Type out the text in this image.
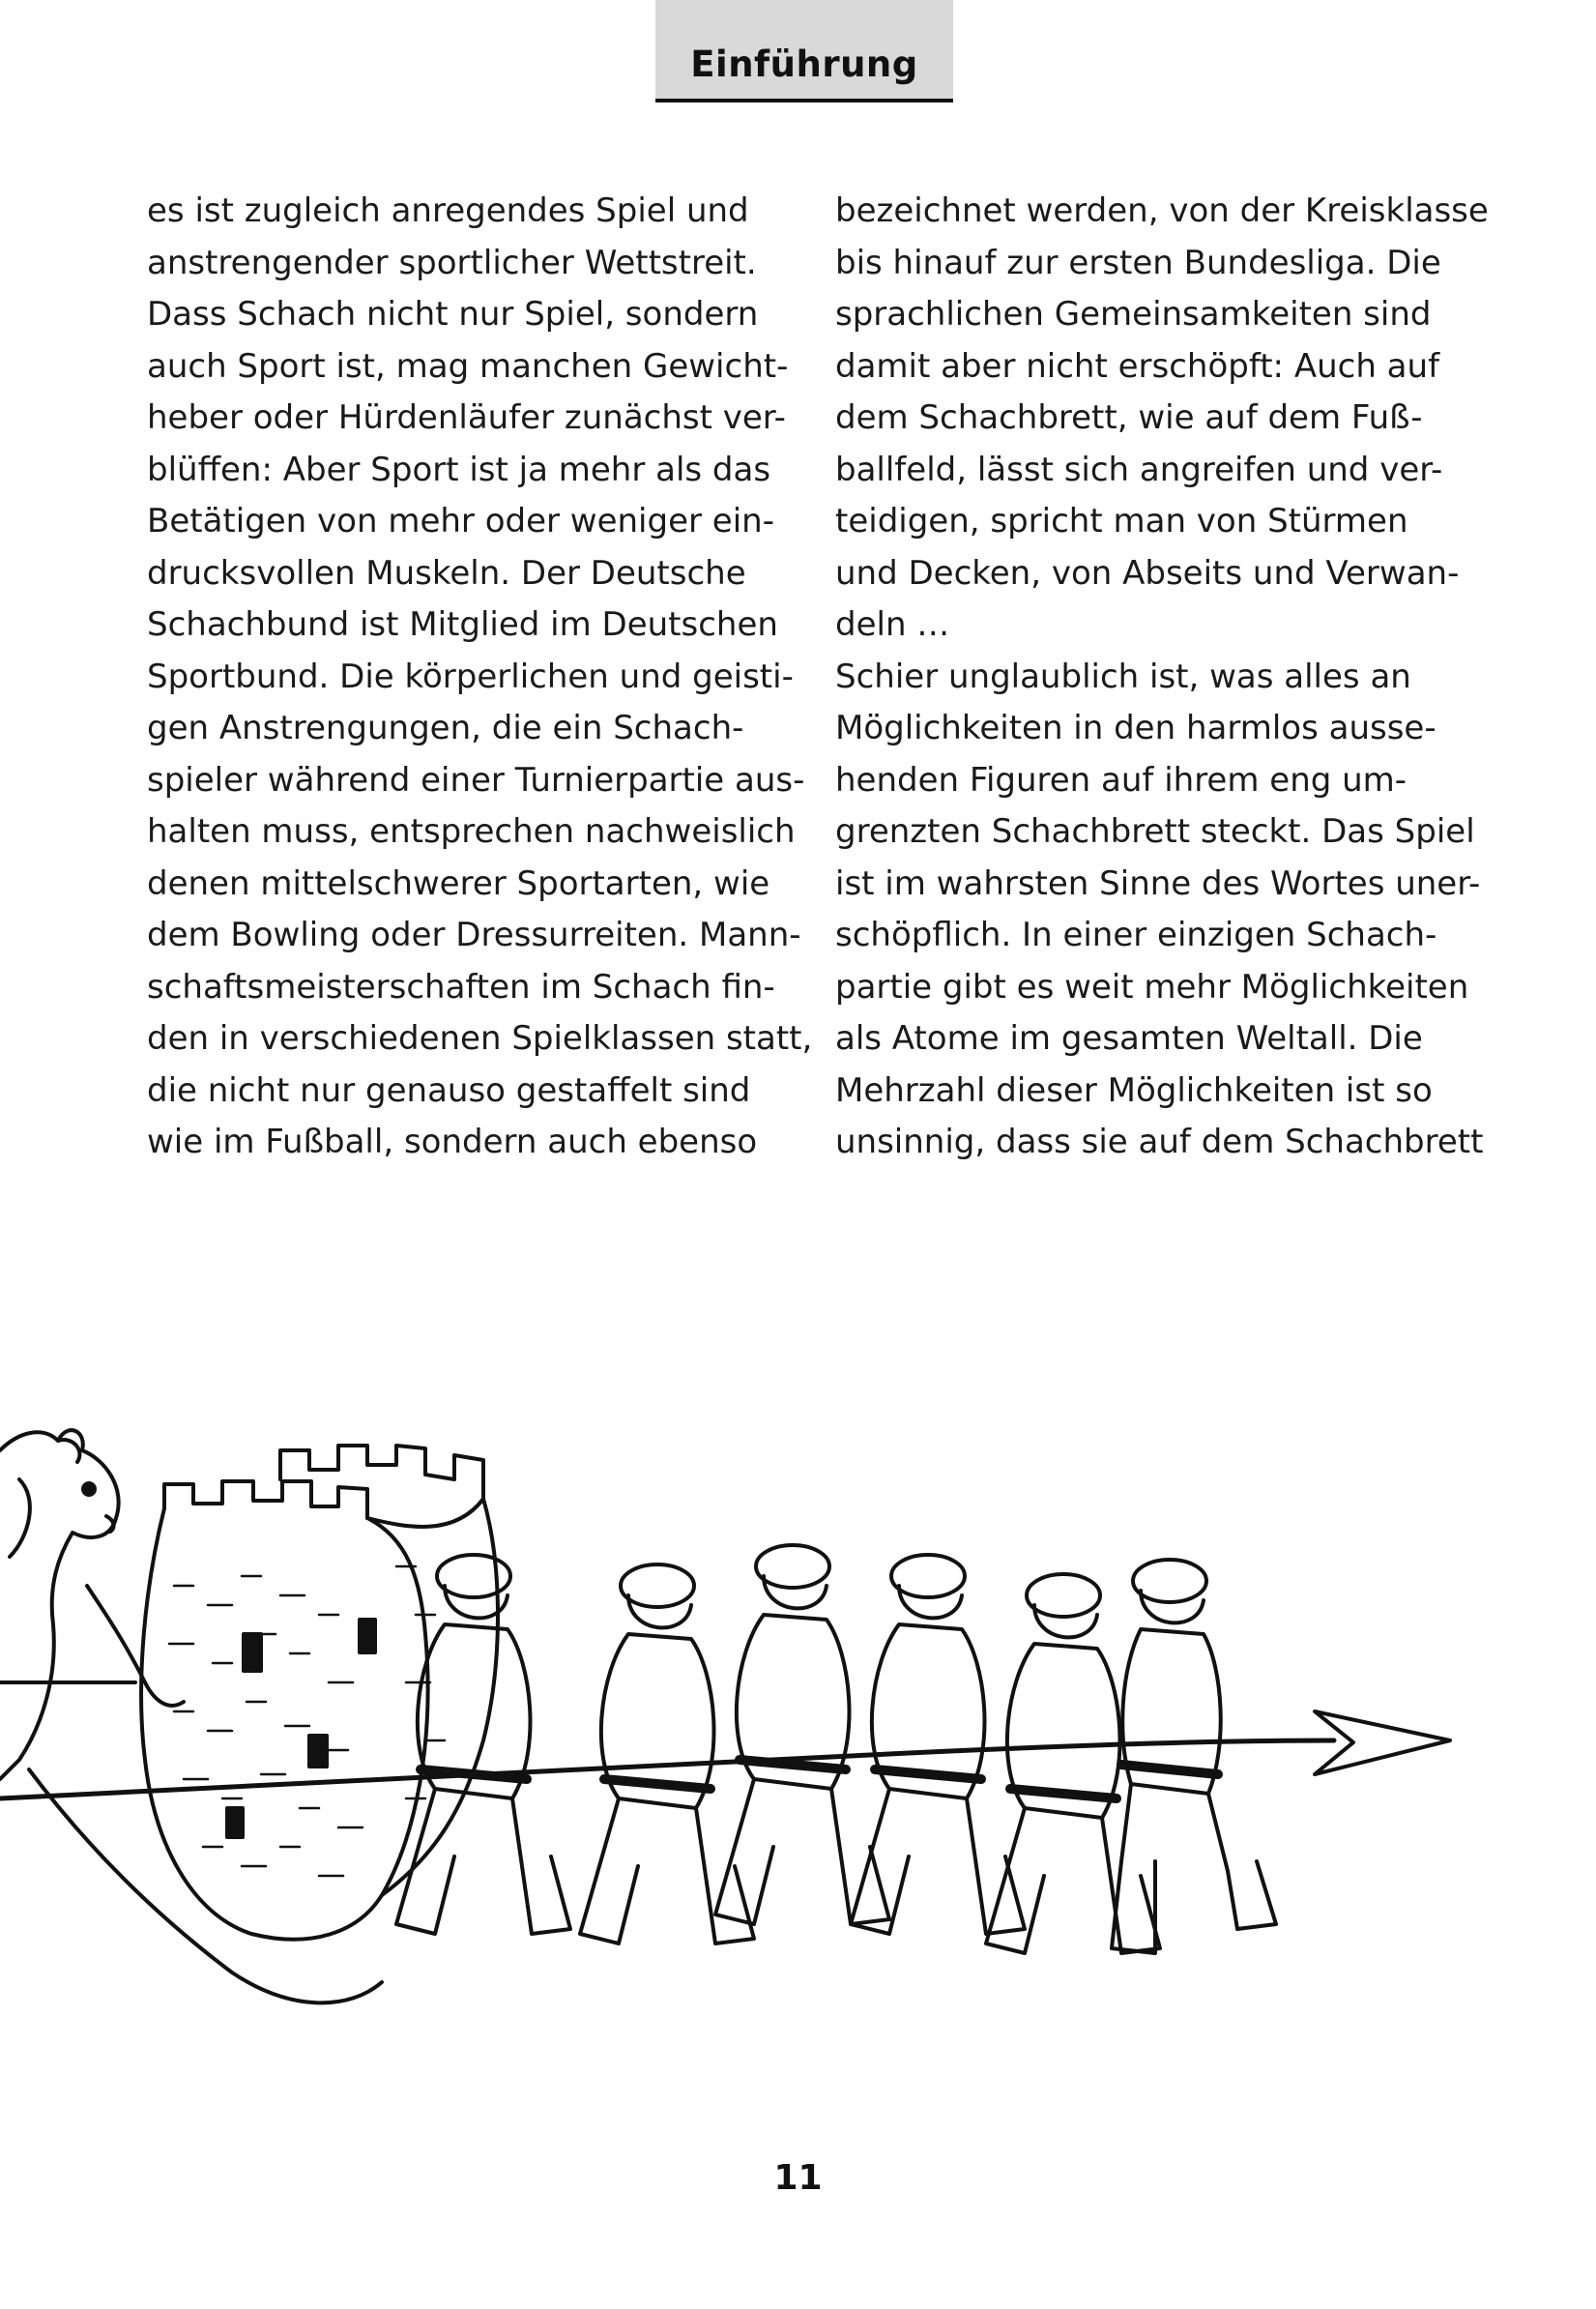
Einführung
es ist zugleich anregendes Spiel und
anstrengender sportlicher Wettstreit.
Dass Schach nicht nur Spiel, sondern
auch Sport ist, mag manchen Gewicht-
heber oder Hürdenläufer zunächst ver-
blüffen: Aber Sport ist ja mehr als das
Betätigen von mehr oder weniger ein-
drucksvollen Muskeln. Der Deutsche
Schachbund ist Mitglied im Deutschen
Sportbund. Die körperlichen und geisti-
gen Anstrengungen, die ein Schach-
spieler während einer Turnierpartie aus-
halten muss, entsprechen nachweislich
denen mittelschwerer Sportarten, wie
dem Bowling oder Dressurreiten. Mann-
schaftsmeisterschaften im Schach fin-
den in verschiedenen Spielklassen statt,
die nicht nur genauso gestaffelt sind
wie im Fußball, sondern auch ebenso
bezeichnet werden, von der Kreisklasse
bis hinauf zur ersten Bundesliga. Die
sprachlichen Gemeinsamkeiten sind
damit aber nicht erschöpft: Auch auf
dem Schachbrett, wie auf dem Fuß-
ballfeld, lässt sich angreifen und ver-
teidigen, spricht man von Stürmen
und Decken, von Abseits und Verwan-
deln …
Schier unglaublich ist, was alles an
Möglichkeiten in den harmlos ausse-
henden Figuren auf ihrem eng um-
grenzten Schachbrett steckt. Das Spiel
ist im wahrsten Sinne des Wortes uner-
schöpflich. In einer einzigen Schach-
partie gibt es weit mehr Möglichkeiten
als Atome im gesamten Weltall. Die
Mehrzahl dieser Möglichkeiten ist so
unsinnig, dass sie auf dem Schachbrett
11
